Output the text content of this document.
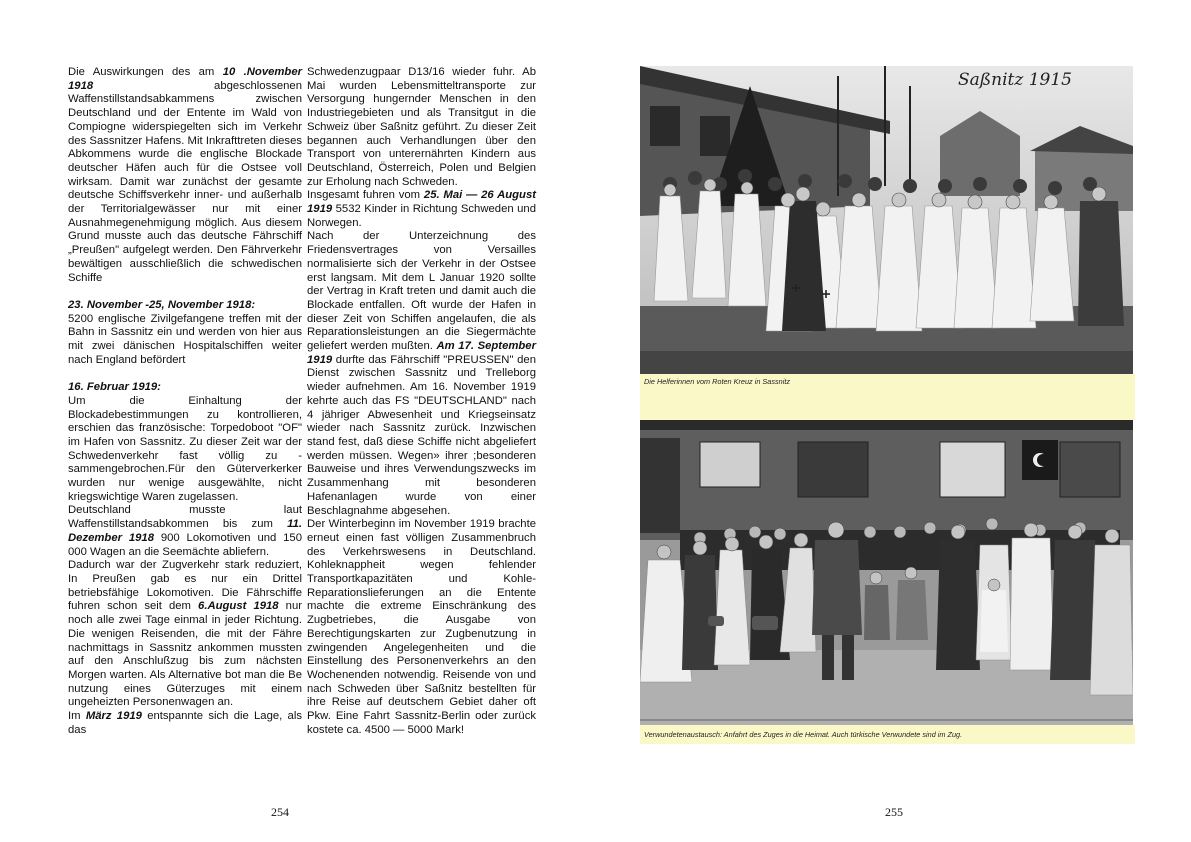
Die Auswirkungen des am 10 .November 1918 abgeschlossenen Waffenstillstandsabkammens zwischen Deutschland und der Entente im Wald von Compiogne widerspiegelten sich im Verkehr des Sassnitzer Hafens. Mit Inkrafttreten dieses Abkommens wurde die englische Blockade deutscher Häfen auch für die Ostsee voll wirksam. Damit war zunächst der gesamte deutsche Schiffsverkehr inner- und außerhalb der Territorialgewässer nur mit einer Ausnahmegenehmigung möglich. Aus diesem Grund musste auch das deutsche Fährschiff „Preußen" aufgelegt werden. Den Fährverkehr bewältigen ausschließlich die schwedischen Schiffe

23. November -25, November 1918:

5200 englische Zivilgefangene treffen mit der Bahn in Sassnitz ein und werden von hier aus mit zwei dänischen Hospitalschiffen weiter nach England befördert

16. Februar 1919:

Um die Einhaltung der Blockadebestimmungen zu kontrollieren, erschien das französische: Torpedoboot "OF" im Hafen von Sassnitz. Zu dieser Zeit war der Schwedenverkehr fast völlig zu - sammengebrochen.Für den Güterverkerker wurden nur wenige ausgewählte, nicht kriegswichtige Waren zugelassen.

Deutschland musste laut Waffenstillstandsabkommen bis zum 11. Dezember 1918 900 Lokomotiven und 150 000 Wagen an die Seemächte abliefern.

Dadurch war der Zugverkehr stark reduziert, In Preußen gab es nur ein Drittel betriebsfähige Lokomotiven. Die Fährschiffe fuhren schon seit dem 6.August 1918 nur noch alle zwei Tage einmal in jeder Richtung. Die wenigen Reisenden, die mit der Fähre nachmittags in Sassnitz ankommen mussten auf den Anschlußzug bis zum nächsten Morgen warten. Als Alternative bot man die Be nutzung eines Güterzuges mit einem ungeheizten Personenwagen an.

Im März 1919 entspannte sich die Lage, als das

Schwedenzugpaar D13/16 wieder fuhr. Ab Mai wurden Lebensmitteltransporte zur Versorgung hungernder Menschen in den Industriegebieten und als Transitgut in die Schweiz über Saßnitz geführt. Zu dieser Zeit begannen auch Verhandlungen über den Transport von unterernährten Kindern aus Deutschland, Österreich, Polen und Belgien zur Erholung nach Schweden.

Insgesamt fuhren vom 25. Mai — 26 August 1919 5532 Kinder in Richtung Schweden und Norwegen.

Nach der Unterzeichnung des Friedensvertrages von Versailles normalisierte sich der Verkehr in der Ostsee erst langsam. Mit dem L Januar 1920 sollte der Vertrag in Kraft treten und damit auch die Blockade entfallen. Oft wurde der Hafen in dieser Zeit von Schiffen angelaufen, die als Reparationsleistungen an die Siegermächte geliefert werden mußten. Am 17. September 1919 durfte das Fährschiff "PREUSSEN" den Dienst zwischen Sassnitz und Trelleborg wieder aufnehmen. Am 16. November 1919 kehrte auch das FS "DEUTSCHLAND" nach 4 jähriger Abwesenheit und Kriegseinsatz wieder nach Sassnitz zurück. Inzwischen stand fest, daß diese Schiffe nicht abgeliefert werden müssen. Wegen» ihrer ;besonderen Bauweise und ihres Verwendungszwecks im Zusammenhang mit besonderen Hafenanlagen wurde von einer Beschlagnahme abgesehen.

Der Winterbeginn im November 1919 brachte erneut einen fast völligen Zusammenbruch des Verkehrswesens in Deutschland. Kohleknappheit wegen fehlender Transportkapazitäten und Kohle-Reparationslieferungen an die Entente machte die extreme Einschränkung des Zugbetriebes, die Ausgabe von Berechtigungskarten zur Zugbenutzung in zwingenden Angelegenheiten und die Einstellung des Personenverkehrs an den Wochenenden notwendig. Reisende von und nach Schweden über Saßnitz bestellten für ihre Reise auf deutschem Gebiet daher oft Pkw. Eine Fahrt Sassnitz-Berlin oder zurück kostete ca. 4500 — 5000 Mark!

254
Saßnitz 1915
Die Helferinnen vom Roten Kreuz in Sassnitz
Verwundetenaustausch: Anfahrt des Zuges in die Heimat. Auch türkische Verwundete sind im Zug.
255
